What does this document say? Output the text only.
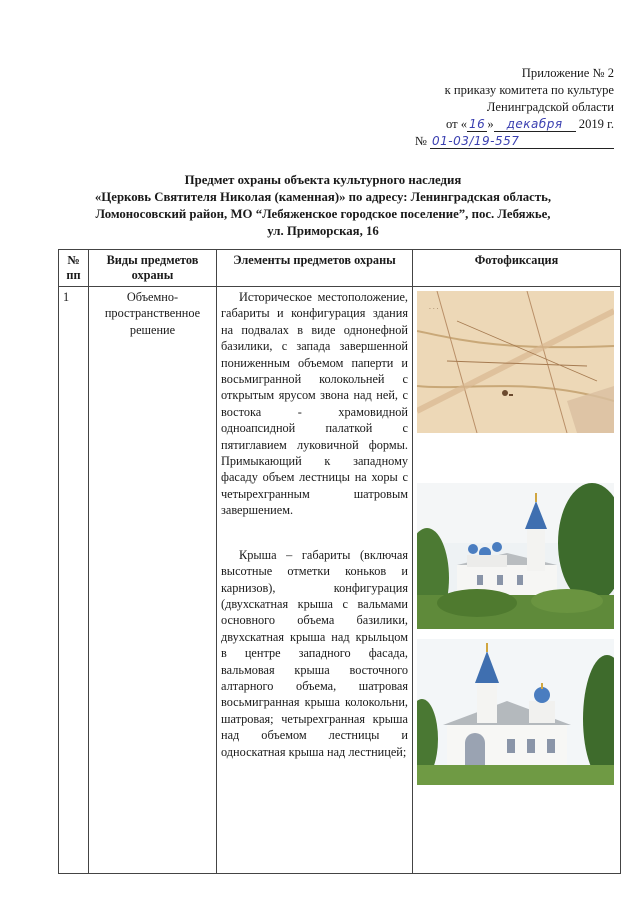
Приложение № 2
к приказу комитета по культуре
Ленинградской области
от « 16 » декабря 2019 г.
№ 01-03/19-557
Предмет охраны объекта культурного наследия
«Церковь Святителя Николая (каменная)» по адресу: Ленинградская область,
Ломоносовский район, МО “Лебяженское городское поселение”, пос. Лебяжье,
ул. Приморская, 16
№ пп	Виды предметов охраны	Элементы предметов охраны	Фотофиксация
1	Объемно-пространственное решение	Историческое местоположение, габариты и конфигурация здания на подвалах в виде однонефной базилики, с запада завершенной пониженным объемом паперти и восьмигранной колокольней с открытым ярусом звона над ней, с востока - храмовидной одноапсидной палаткой с пятиглавием луковичной формы. Примыкающий к западному фасаду объем лестницы на хоры с четырехгранным шатровым завершением.

Крыша – габариты (включая высотные отметки коньков и карнизов), конфигурация (двухскатная крыша с вальмами основного объема базилики, двухскатная крыша над крыльцом в центре западного фасада, вальмовая крыша восточного алтарного объема, шатровая восьмигранная крыша колокольни, шатровая; четырехгранная крыша над объемом лестницы и односкатная крыша над лестницей;	. . .
